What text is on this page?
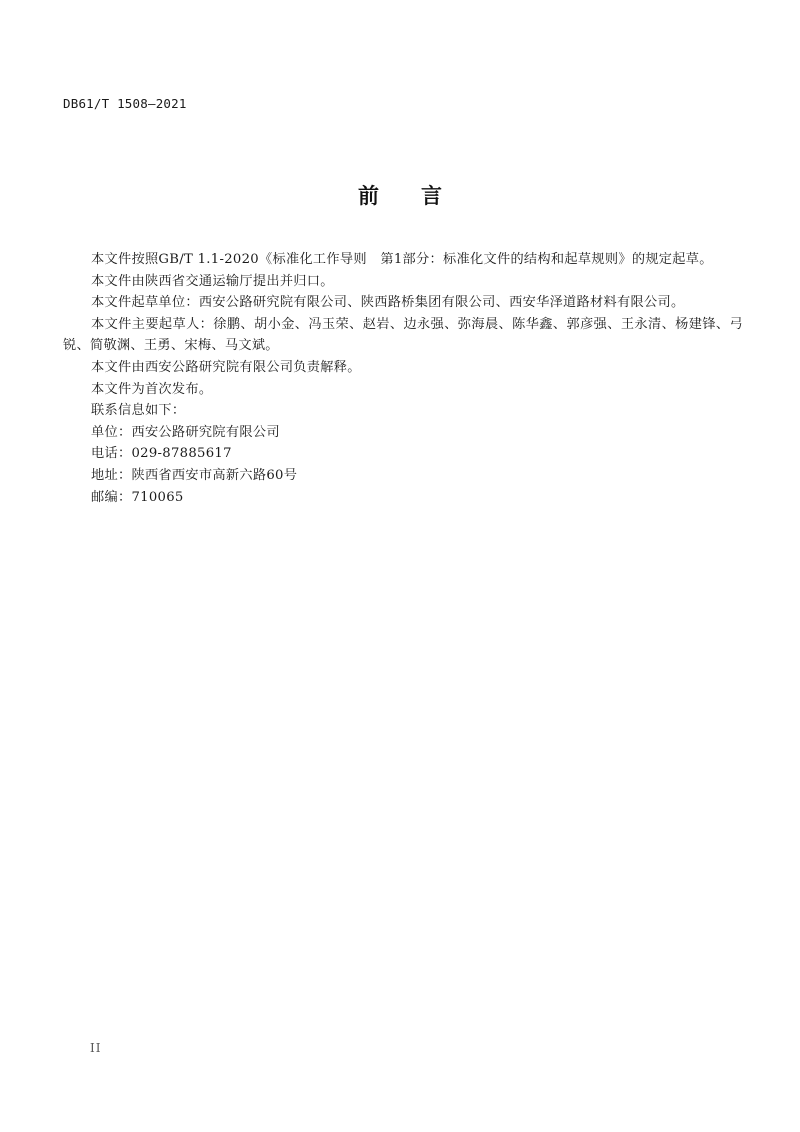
DB61/T 1508—2021
前 言

本文件按照GB/T 1.1-2020《标准化工作导则　第1部分：标准化文件的结构和起草规则》的规定起草。

本文件由陕西省交通运输厅提出并归口。

本文件起草单位：西安公路研究院有限公司、陕西路桥集团有限公司、西安华泽道路材料有限公司。

本文件主要起草人：徐鹏、胡小金、冯玉荣、赵岩、边永强、弥海晨、陈华鑫、郭彦强、王永清、杨建锋、弓锐、简敬渊、王勇、宋梅、马文斌。

本文件由西安公路研究院有限公司负责解释。

本文件为首次发布。

联系信息如下：

单位：西安公路研究院有限公司

电话：029-87885617

地址：陕西省西安市高新六路60号

邮编：710065

II
